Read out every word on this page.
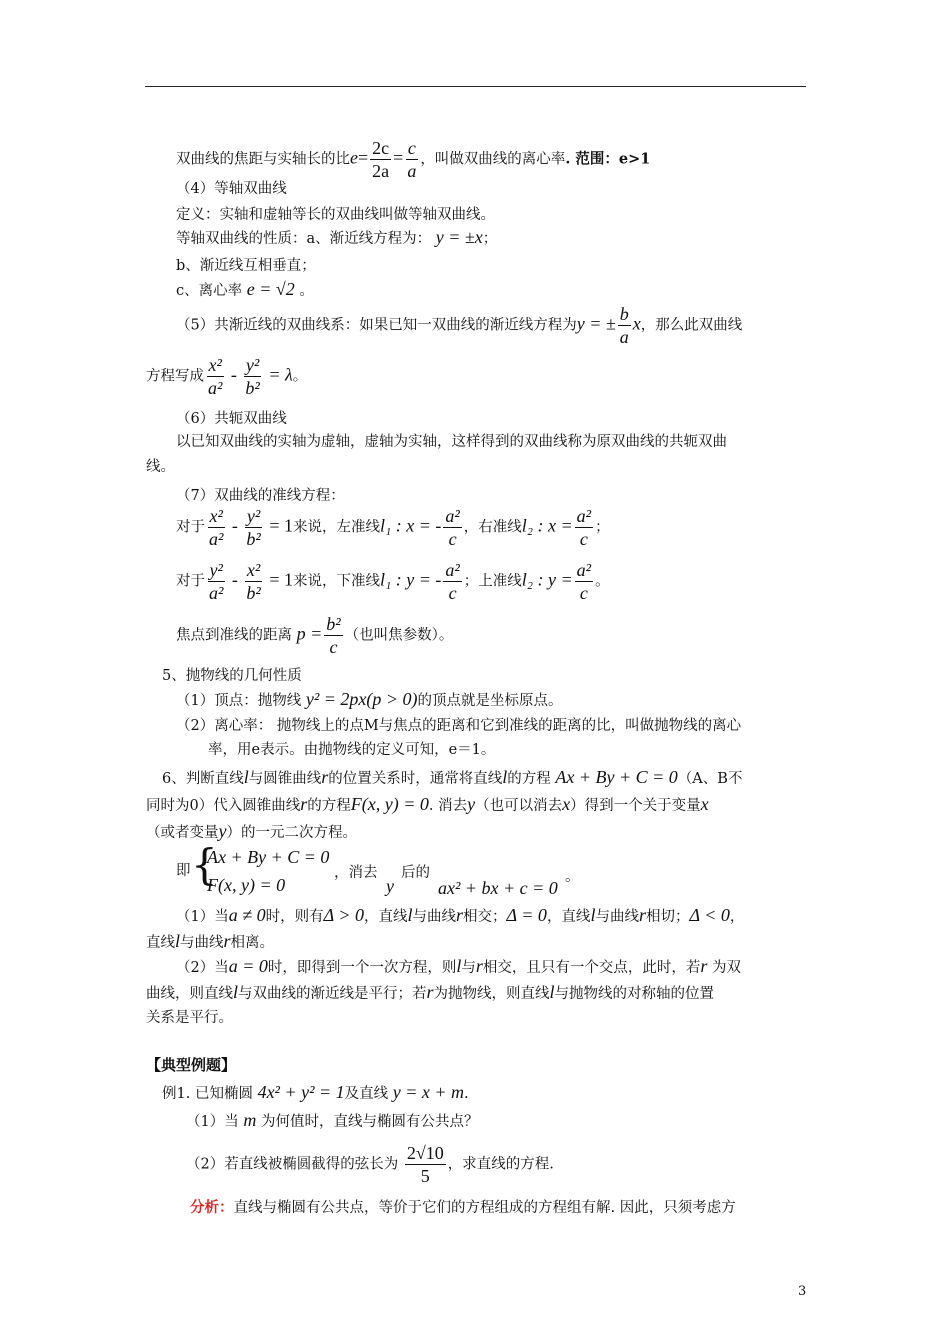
双曲线的焦距与实轴长的比$e= \frac{2c}{2a} = \frac{c}{a}$ ，叫做双曲线的离心率. 范围：e>1
（4）等轴双曲线
定义：实轴和虚轴等长的双曲线叫做等轴双曲线。
等轴双曲线的性质：a、渐近线方程为： y = ±x；
b、渐近线互相垂直；
c、离心率 e = √2 。
（5）共渐近线的双曲线系：如果已知一双曲线的渐近线方程为y = ± $\frac{b}{a}$ x，那么此双曲线
方程写成 $\frac{\text{x²}}{\text{a²}} - \frac{\text{y²}}{\text{b²}} = \lambda$。
（6）共轭双曲线
以已知双曲线的实轴为虚轴，虚轴为实轴，这样得到的双曲线称为原双曲线的共轭双曲
线。
（7）双曲线的准线方程：
对于 $\frac{\text{x²}}{\text{a²}} - \frac{\text{y²}}{\text{b²}} = 1$来说，左准线l₁ : x = - $\frac{\text{a²}}{c}$ ，右准线l₂ : $x = \frac{\text{a²}}{c}$ ；
对于 $\frac{\text{y²}}{\text{a²}} - \frac{\text{x²}}{\text{b²}} = 1$来说，下准线l₁ : y = - $\frac{\text{a²}}{c}$ ；上准线l₂ : $y = \frac{\text{a²}}{c}$ 。
焦点到准线的距离 $p = \frac{\text{b²}}{c}$ （也叫焦参数）。
5、抛物线的几何性质
（1）顶点：抛物线 y² = 2px(p > 0)的顶点就是坐标原点。
（2）离心率： 抛物线上的点M与焦点的距离和它到准线的距离的比，叫做抛物线的离心
率，用e表示。由抛物线的定义可知，e＝1。
6、判断直线l与圆锥曲线r的位置关系时，通常将直线l的方程 Ax + By + C = 0（A、B不
同时为0）代入圆锥曲线r的方程F(x, y) = 0. 消去y（也可以消去x）得到一个关于变量x
（或者变量y）的一元二次方程。
即 {
Ax + By + C = 0
F(x, y) = 0
，消去
y
后的
ax² + bx + c = 0
。
（1）当a ≠ 0时，则有Δ > 0，直线l与曲线r相交；Δ = 0，直线l与曲线r相切；Δ < 0，
直线l与曲线r相离。
（2）当a = 0时，即得到一个一次方程，则l与r相交，且只有一个交点，此时，若r 为双
曲线，则直线l与双曲线的渐近线是平行；若r为抛物线，则直线l与抛物线的对称轴的位置
关系是平行。
【典型例题】
例1. 已知椭圆 4x² + y² = 1及直线 y = x + m.
（1）当 m 为何值时，直线与椭圆有公共点？
（2）若直线被椭圆截得的弦长为 $\frac{2√10}{5}$ ，求直线的方程.
分析：直线与椭圆有公共点，等价于它们的方程组成的方程组有解. 因此，只须考虑方
3
